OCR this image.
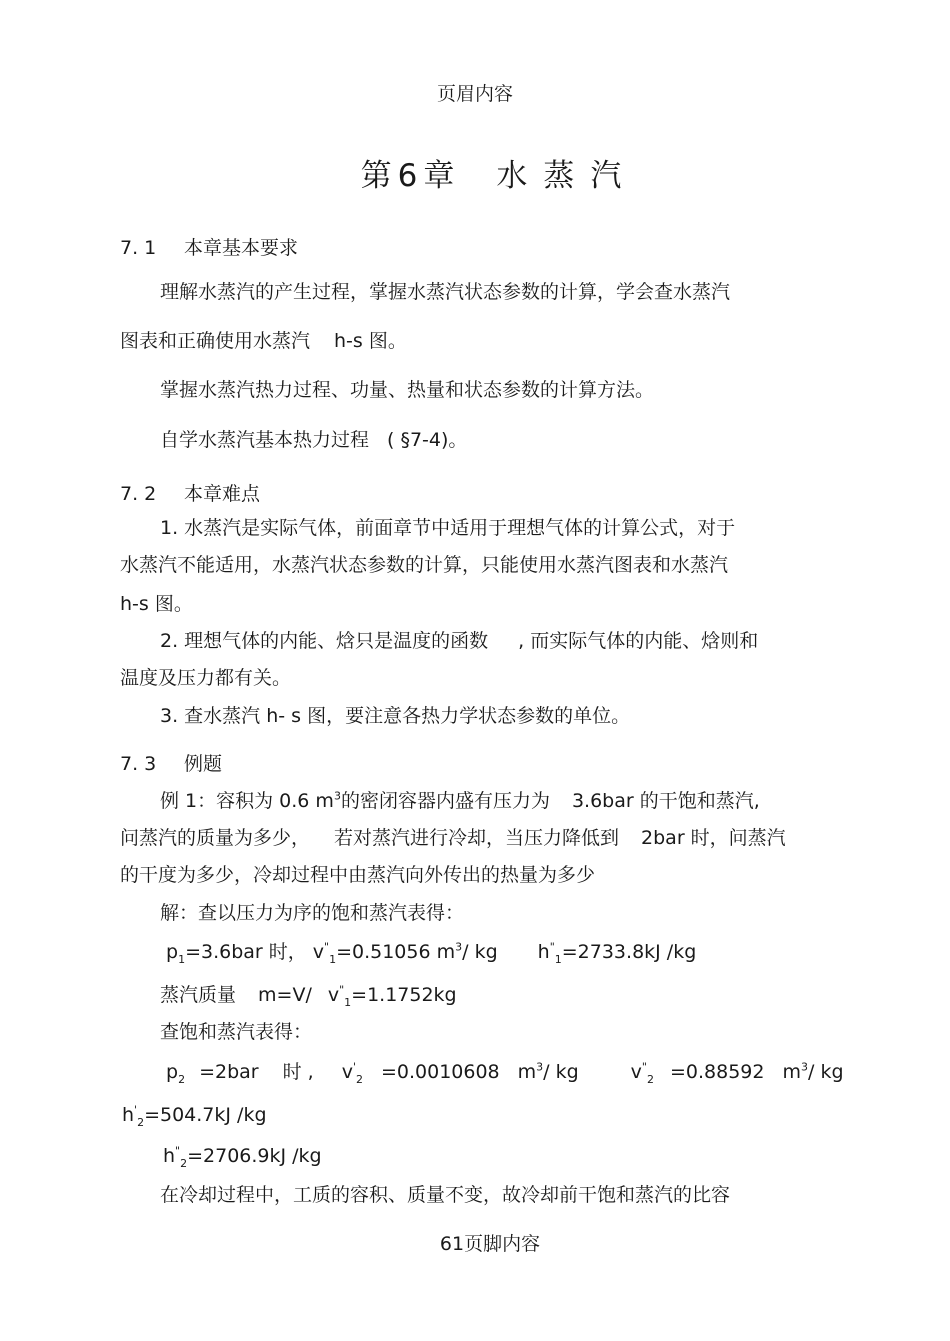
页眉内容
第 6 章 水 蒸 汽
7. 1 本章基本要求
理解水蒸汽的产生过程，掌握水蒸汽状态参数的计算，学会查水蒸汽
图表和正确使用水蒸汽 h-s 图。
掌握水蒸汽热力过程、功量、热量和状态参数的计算方法。
自学水蒸汽基本热力过程 ( §7-4)。
7. 2 本章难点
1. 水蒸汽是实际气体，前面章节中适用于理想气体的计算公式，对于
水蒸汽不能适用，水蒸汽状态参数的计算，只能使用水蒸汽图表和水蒸汽
h-s 图。
2. 理想气体的内能、焓只是温度的函数 , 而实际气体的内能、焓则和
温度及压力都有关。
3. 查水蒸汽 h- s 图，要注意各热力学状态参数的单位。
7. 3 例题
例 1：容积为 0.6 $m^3$的密闭容器内盛有压力为 3.6bar 的干饱和蒸汽,
问蒸汽的质量为多少， 若对蒸汽进行冷却，当压力降低到 2bar 时，问蒸汽
的干度为多少，冷却过程中由蒸汽向外传出的热量为多少
解：查以压力为序的饱和蒸汽表得：
$p_1=3.6bar$ 时， $v^"_1=0.51056$ $m^3/$ kg $h^"_1=2733.8kJ$ /kg
蒸汽质量 m=V/ $v^"_1=1.1752kg$
查饱和蒸汽表得：
$p_2 =2bar$ 时 , $v'_2 =0.0010608$ $m^3/$ kg	$v^"_2 =0.88592$ $m^3/$ kg
$h'_2=504.7kJ$ /kg
$h^"_2=2706.9kJ$ /kg
在冷却过程中，工质的容积、质量不变，故冷却前干饱和蒸汽的比容
61页脚内容
